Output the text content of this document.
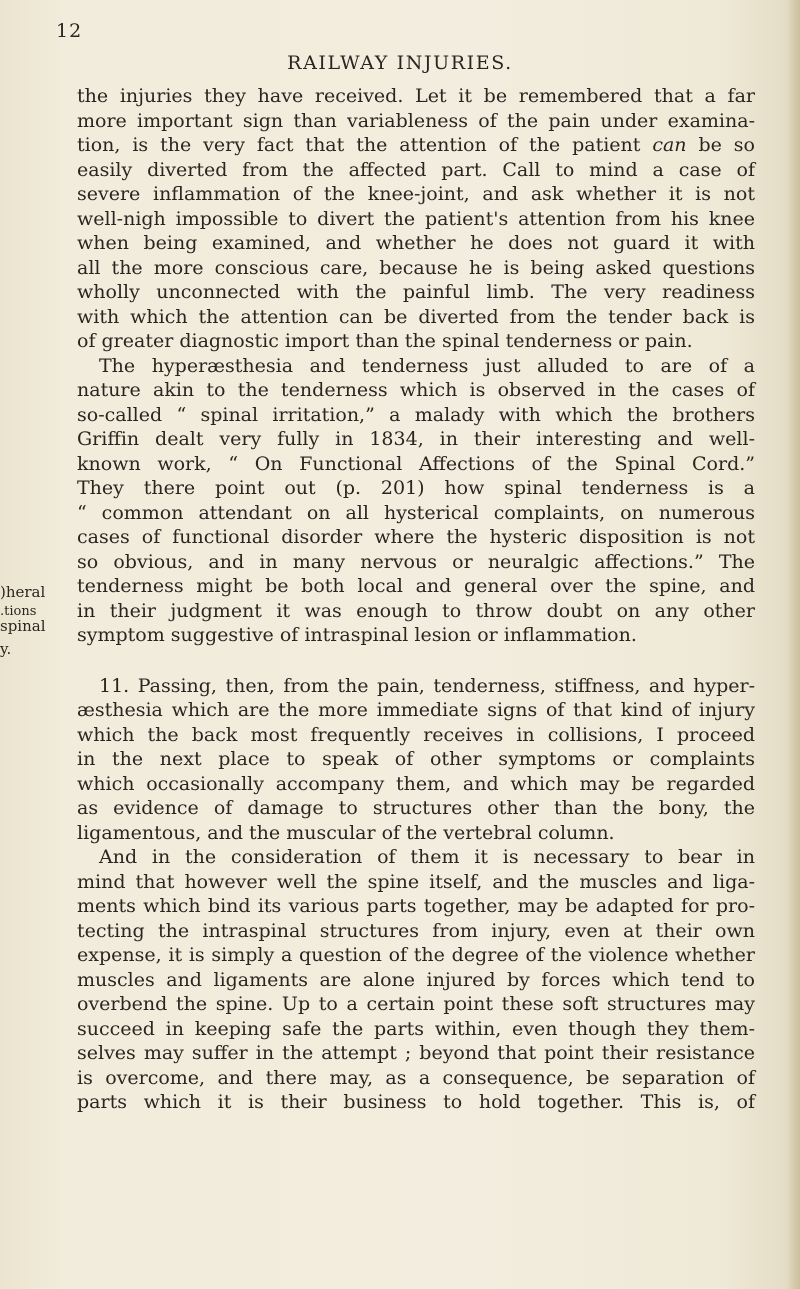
12
RAILWAY INJURIES.
)heral
.tions
spinal
y.
the injuries they have received. Let it be remembered that a far
more important sign than variableness of the pain under examina-
tion, is the very fact that the attention of the patient can be so
easily diverted from the affected part. Call to mind a case of
severe inflammation of the knee-joint, and ask whether it is not
well-nigh impossible to divert the patient's attention from his knee
when being examined, and whether he does not guard it with
all the more conscious care, because he is being asked questions
wholly unconnected with the painful limb. The very readiness
with which the attention can be diverted from the tender back is
of greater diagnostic import than the spinal tenderness or pain.
The hyperæsthesia and tenderness just alluded to are of a
nature akin to the tenderness which is observed in the cases of
so-called “ spinal irritation,” a malady with which the brothers
Griffin dealt very fully in 1834, in their interesting and well-
known work, “ On Functional Affections of the Spinal Cord.”
They there point out (p. 201) how spinal tenderness is a
“ common attendant on all hysterical complaints, on numerous
cases of functional disorder where the hysteric disposition is not
so obvious, and in many nervous or neuralgic affections.” The
tenderness might be both local and general over the spine, and
in their judgment it was enough to throw doubt on any other
symptom suggestive of intraspinal lesion or inflammation.
11. Passing, then, from the pain, tenderness, stiffness, and hyper-
æsthesia which are the more immediate signs of that kind of injury
which the back most frequently receives in collisions, I proceed
in the next place to speak of other symptoms or complaints
which occasionally accompany them, and which may be regarded
as evidence of damage to structures other than the bony, the
ligamentous, and the muscular of the vertebral column.
And in the consideration of them it is necessary to bear in
mind that however well the spine itself, and the muscles and liga-
ments which bind its various parts together, may be adapted for pro-
tecting the intraspinal structures from injury, even at their own
expense, it is simply a question of the degree of the violence whether
muscles and ligaments are alone injured by forces which tend to
overbend the spine. Up to a certain point these soft structures may
succeed in keeping safe the parts within, even though they them-
selves may suffer in the attempt ; beyond that point their resistance
is overcome, and there may, as a consequence, be separation of
parts which it is their business to hold together. This is, of
